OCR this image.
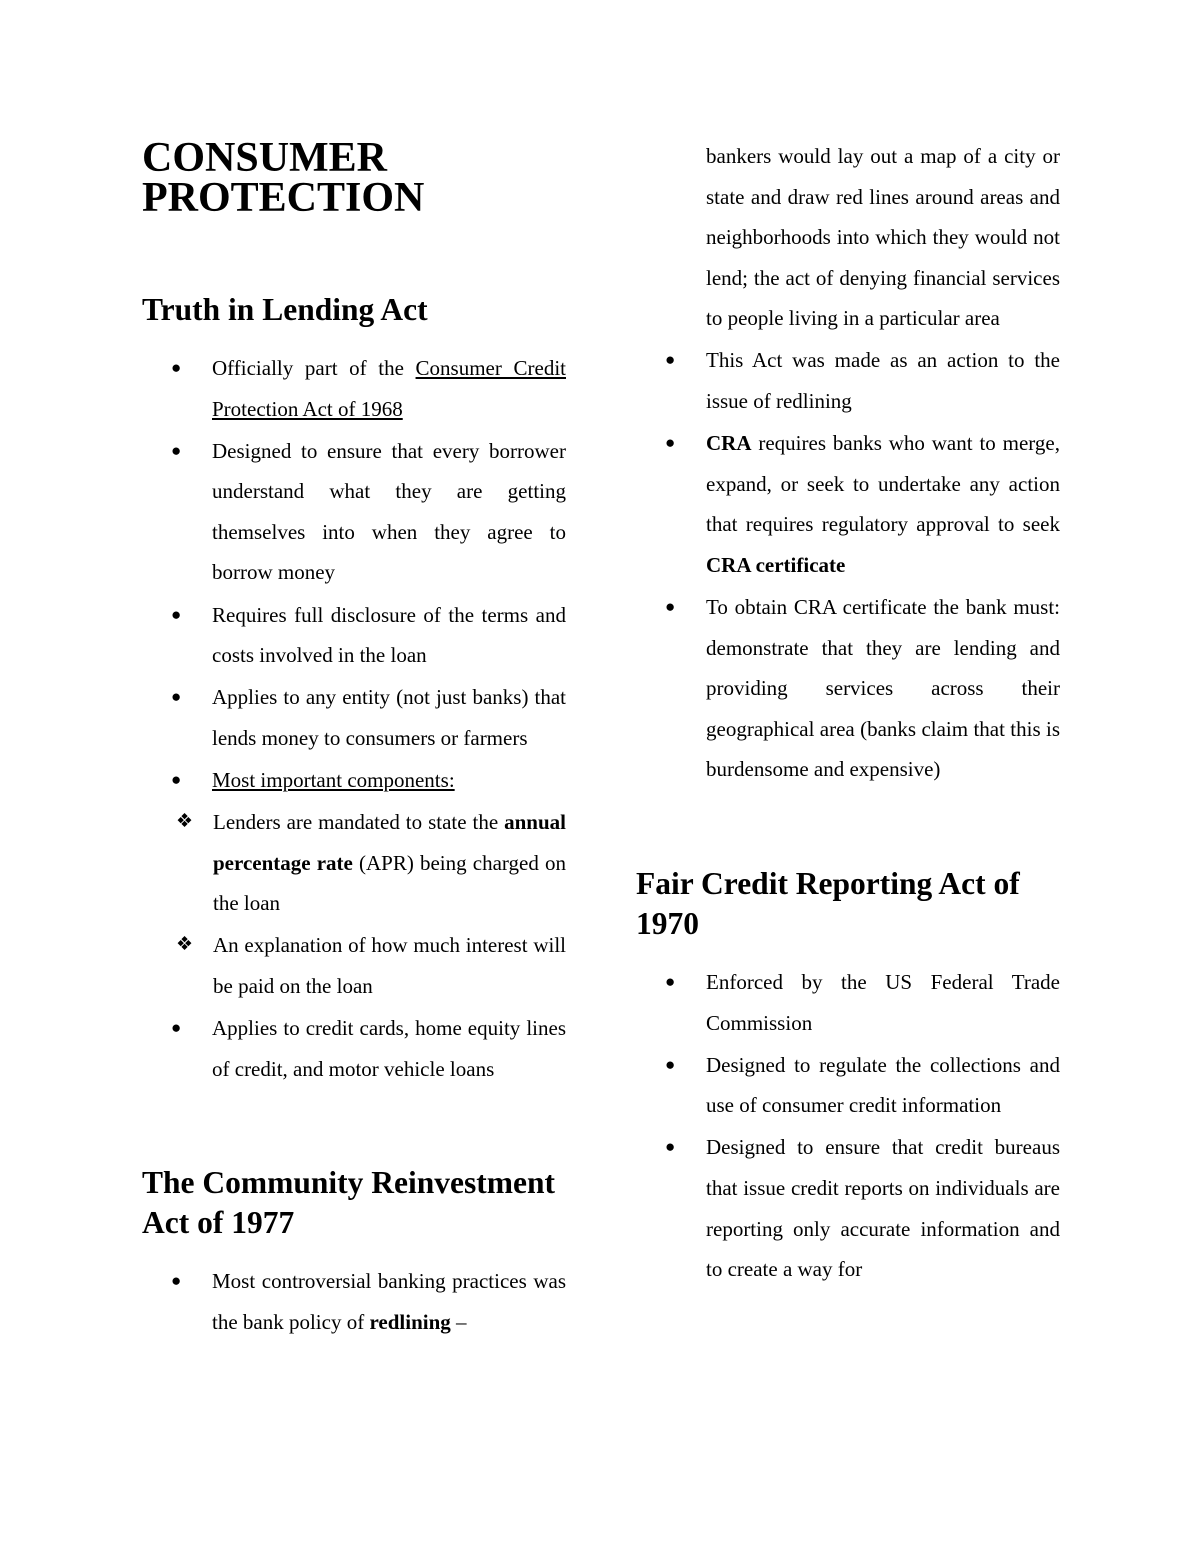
CONSUMER PROTECTION
Truth in Lending Act
● Officially part of the Consumer Credit Protection Act of 1968
● Designed to ensure that every borrower understand what they are getting themselves into when they agree to borrow money
● Requires full disclosure of the terms and costs involved in the loan
● Applies to any entity (not just banks) that lends money to consumers or farmers
● Most important components:
❖ Lenders are mandated to state the annual percentage rate (APR) being charged on the loan
❖ An explanation of how much interest will be paid on the loan
● Applies to credit cards, home equity lines of credit, and motor vehicle loans
The Community Reinvestment Act of 1977
● Most controversial banking practices was the bank policy of redlining –

bankers would lay out a map of a city or state and draw red lines around areas and neighborhoods into which they would not lend; the act of denying financial services to people living in a particular area

● This Act was made as an action to the issue of redlining
● CRA requires banks who want to merge, expand, or seek to undertake any action that requires regulatory approval to seek CRA certificate
● To obtain CRA certificate the bank must: demonstrate that they are lending and providing services across their geographical area (banks claim that this is burdensome and expensive)
Fair Credit Reporting Act of 1970
● Enforced by the US Federal Trade Commission
● Designed to regulate the collections and use of consumer credit information
● Designed to ensure that credit bureaus that issue credit reports on individuals are reporting only accurate information and to create a way for
